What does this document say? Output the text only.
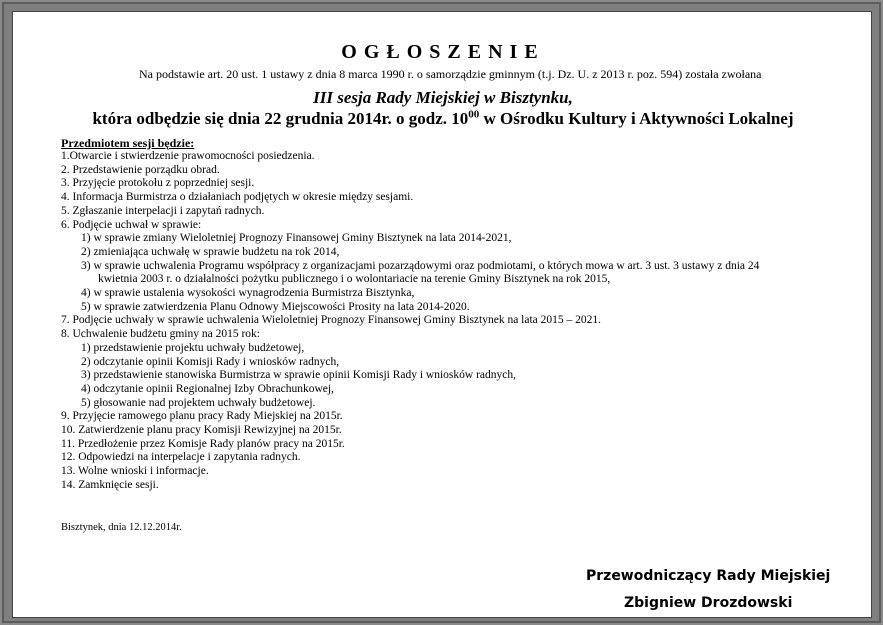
OGŁOSZENIE
Na podstawie art. 20 ust. 1 ustawy z dnia 8 marca 1990 r. o samorządzie gminnym (t.j. Dz. U. z 2013 r. poz. 594) została zwołana
III sesja Rady Miejskiej w Bisztynku,
która odbędzie się dnia 22 grudnia 2014r. o godz. $10^{00}$ w Ośrodku Kultury i Aktywności Lokalnej
Przedmiotem sesji będzie:
1.Otwarcie i stwierdzenie prawomocności posiedzenia.
2. Przedstawienie porządku obrad.
3. Przyjęcie protokołu z poprzedniej sesji.
4. Informacja Burmistrza o działaniach podjętych w okresie między sesjami.
5. Zgłaszanie interpelacji i zapytań radnych.
6. Podjęcie uchwał w sprawie:
1) w sprawie zmiany Wieloletniej Prognozy Finansowej Gminy Bisztynek na lata 2014-2021,
2) zmieniająca uchwałę w sprawie budżetu na rok 2014,
3) w sprawie uchwalenia Programu współpracy z organizacjami pozarządowymi oraz podmiotami, o których mowa w art. 3 ust. 3 ustawy z dnia 24
kwietnia 2003 r. o działalności pożytku publicznego i o wolontariacie na terenie Gminy Bisztynek na rok 2015,
4) w sprawie ustalenia wysokości wynagrodzenia Burmistrza Bisztynka,
5) w sprawie zatwierdzenia Planu Odnowy Miejscowości Prosity na lata 2014-2020.
7. Podjęcie uchwały w sprawie uchwalenia Wieloletniej Prognozy Finansowej Gminy Bisztynek na lata 2015 – 2021.
8. Uchwalenie budżetu gminy na 2015 rok:
1) przedstawienie projektu uchwały budżetowej,
2) odczytanie opinii Komisji Rady i wniosków radnych,
3) przedstawienie stanowiska Burmistrza w sprawie opinii Komisji Rady i wniosków radnych,
4) odczytanie opinii Regionalnej Izby Obrachunkowej,
5) głosowanie nad projektem uchwały budżetowej.
9. Przyjęcie ramowego planu pracy Rady Miejskiej na 2015r.
10. Zatwierdzenie planu pracy Komisji Rewizyjnej na 2015r.
11. Przedłożenie przez Komisje Rady planów pracy na 2015r.
12. Odpowiedzi na interpelacje i zapytania radnych.
13. Wolne wnioski i informacje.
14. Zamknięcie sesji.
Bisztynek, dnia 12.12.2014r.
Przewodniczący Rady Miejskiej
Zbigniew Drozdowski
